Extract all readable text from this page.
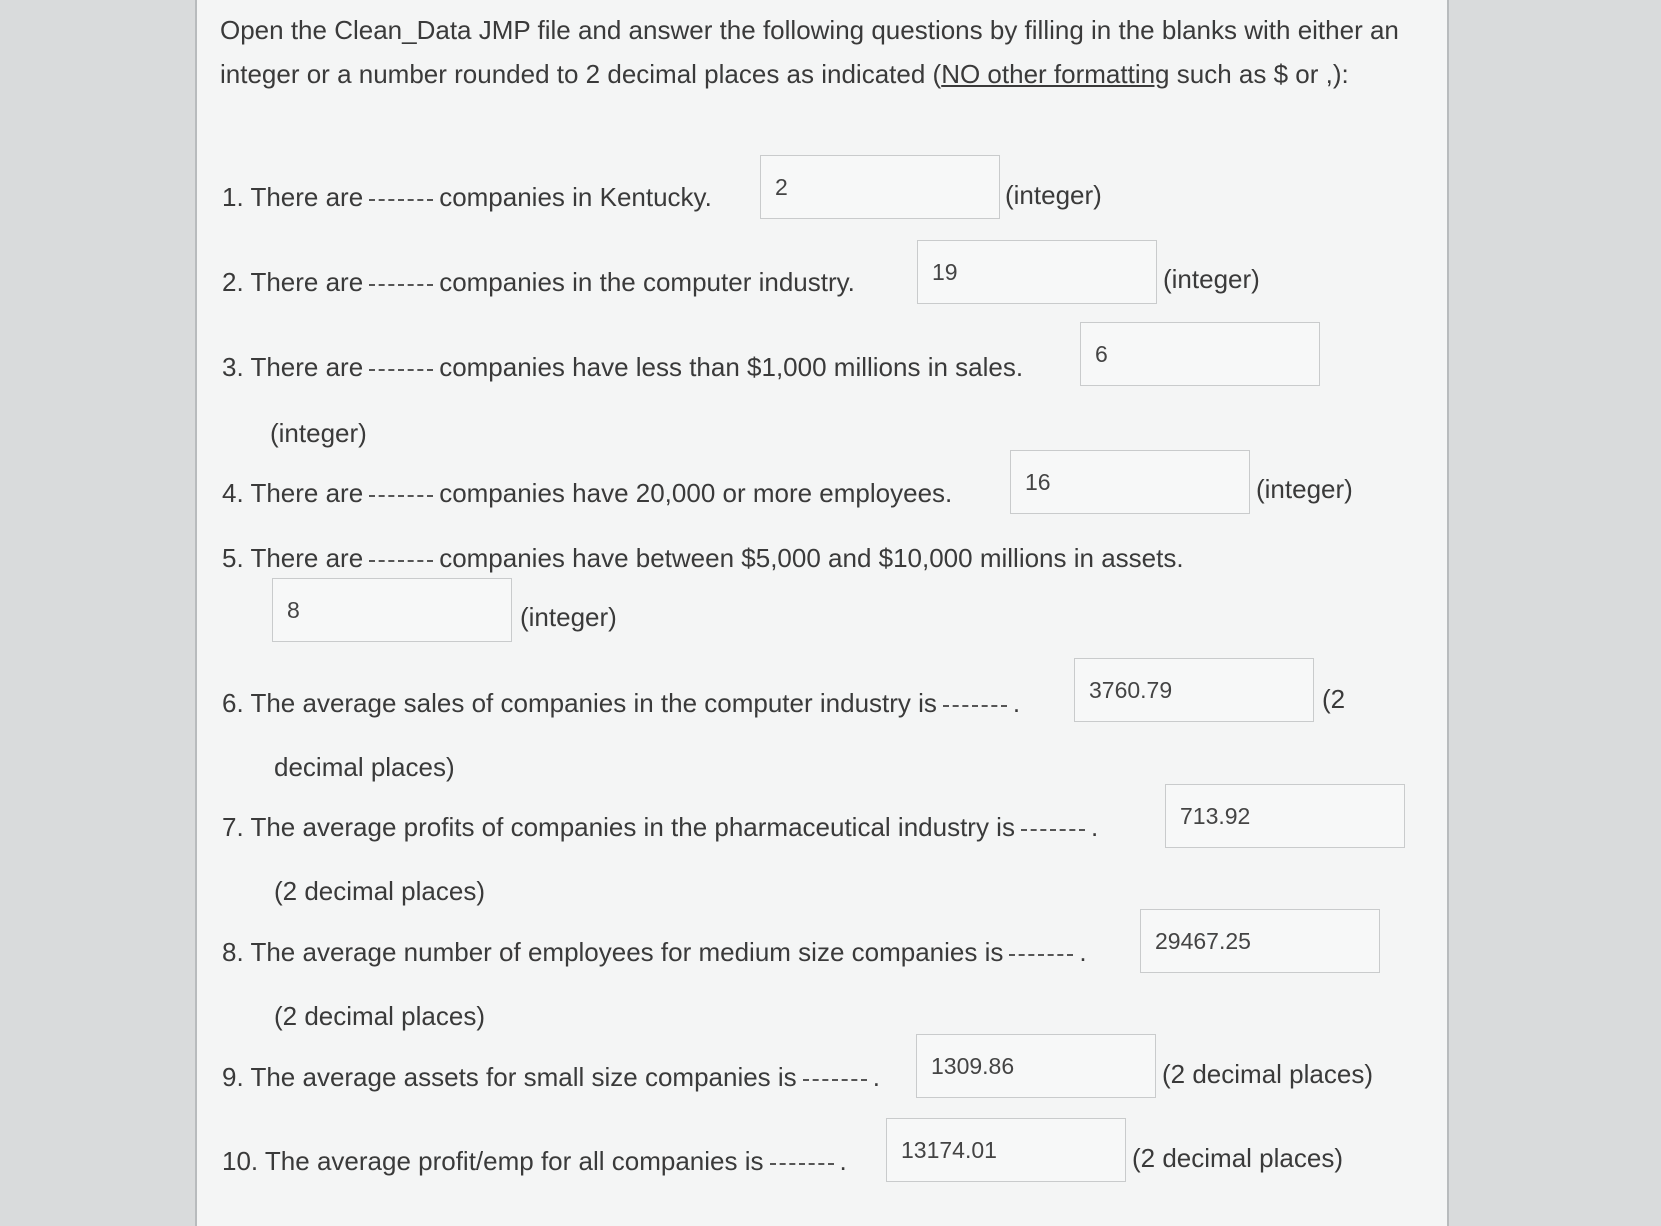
Open the Clean_Data JMP file and answer the following questions by filling in the blanks with either an integer or a number rounded to 2 decimal places as indicated (NO other formatting such as $ or ,):
1. There are	companies in Kentucky.	2	(integer)
2. There are	companies in the computer industry.	19	(integer)
3. There are	companies have less than $1,000 millions in sales.	6
(integer)
4. There are	companies have 20,000 or more employees.	16	(integer)
5. There are	companies have between $5,000 and $10,000 millions in assets.
8	(integer)
6. The average sales of companies in the computer industry is	.	3760.79	(2
decimal places)
7. The average profits of companies in the pharmaceutical industry is	.	713.92
(2 decimal places)
8. The average number of employees for medium size companies is	.	29467.25
(2 decimal places)
9. The average assets for small size companies is	.	1309.86	(2 decimal places)
10. The average profit/emp for all companies is	.	13174.01	(2 decimal places)
